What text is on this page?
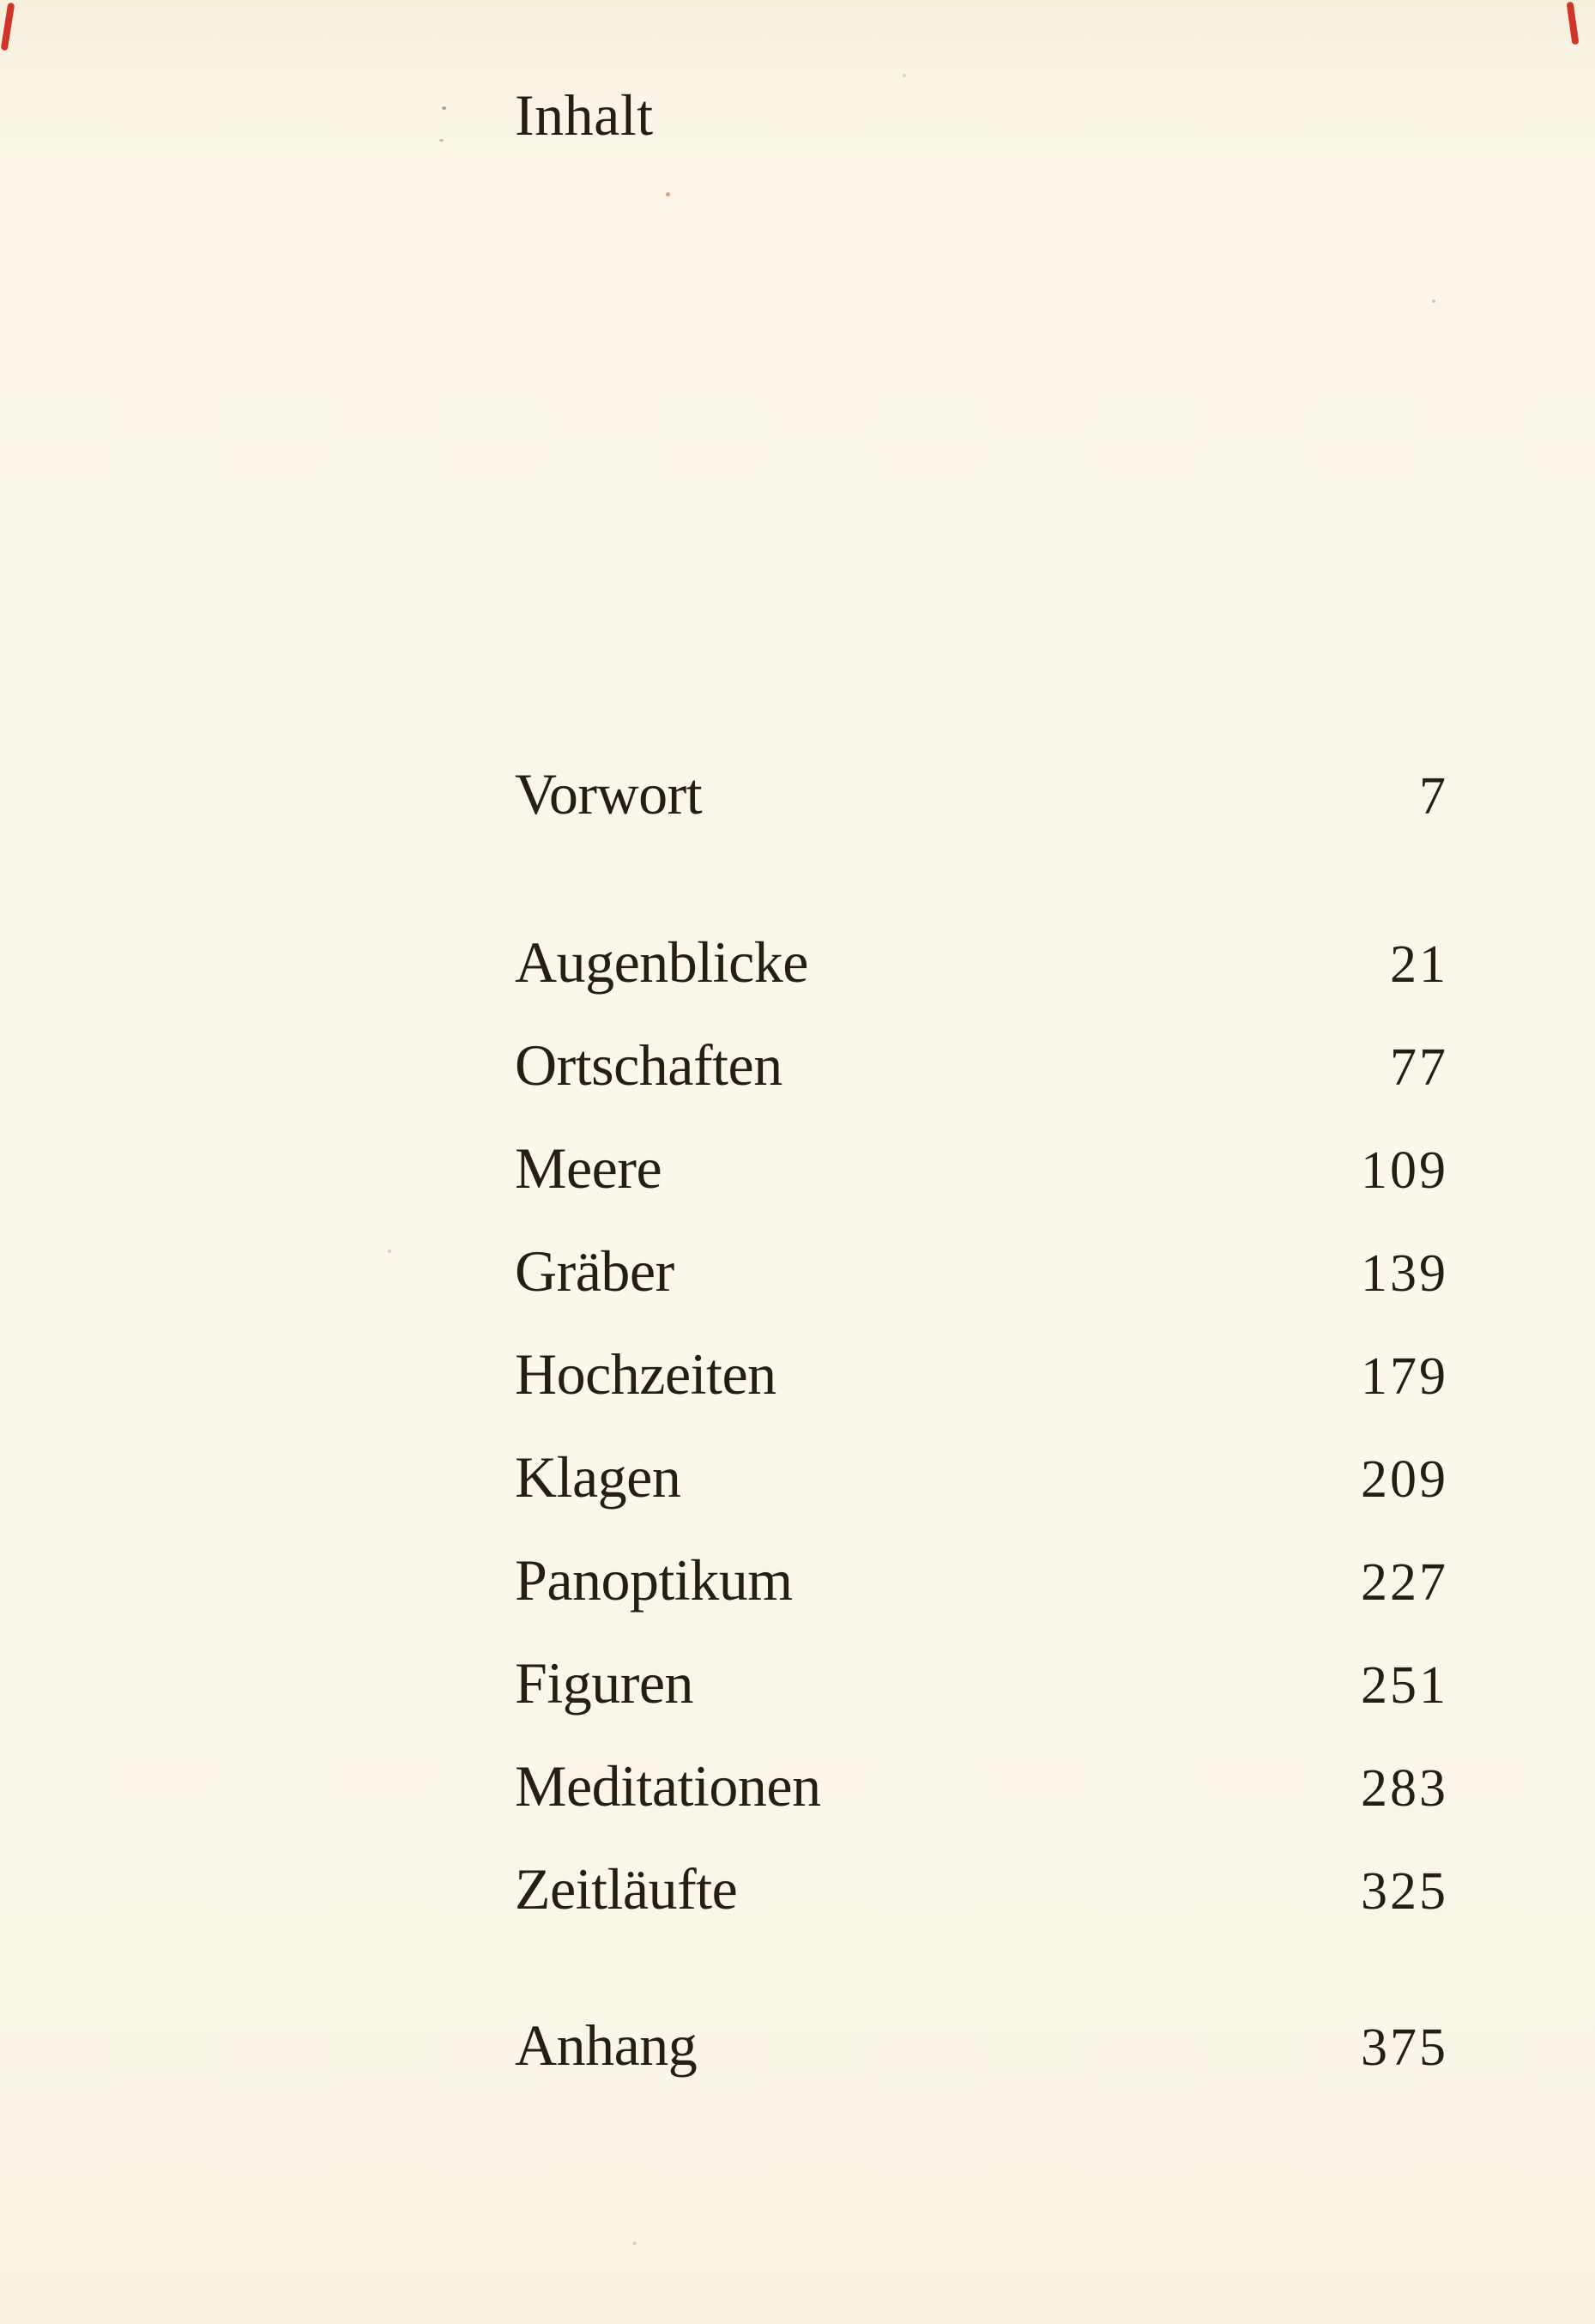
Inhalt
Vorwort	7
Augenblicke	21
Ortschaften	77
Meere	109
Gräber	139
Hochzeiten	179
Klagen	209
Panoptikum	227
Figuren	251
Meditationen	283
Zeitläufte	325
Anhang	375
